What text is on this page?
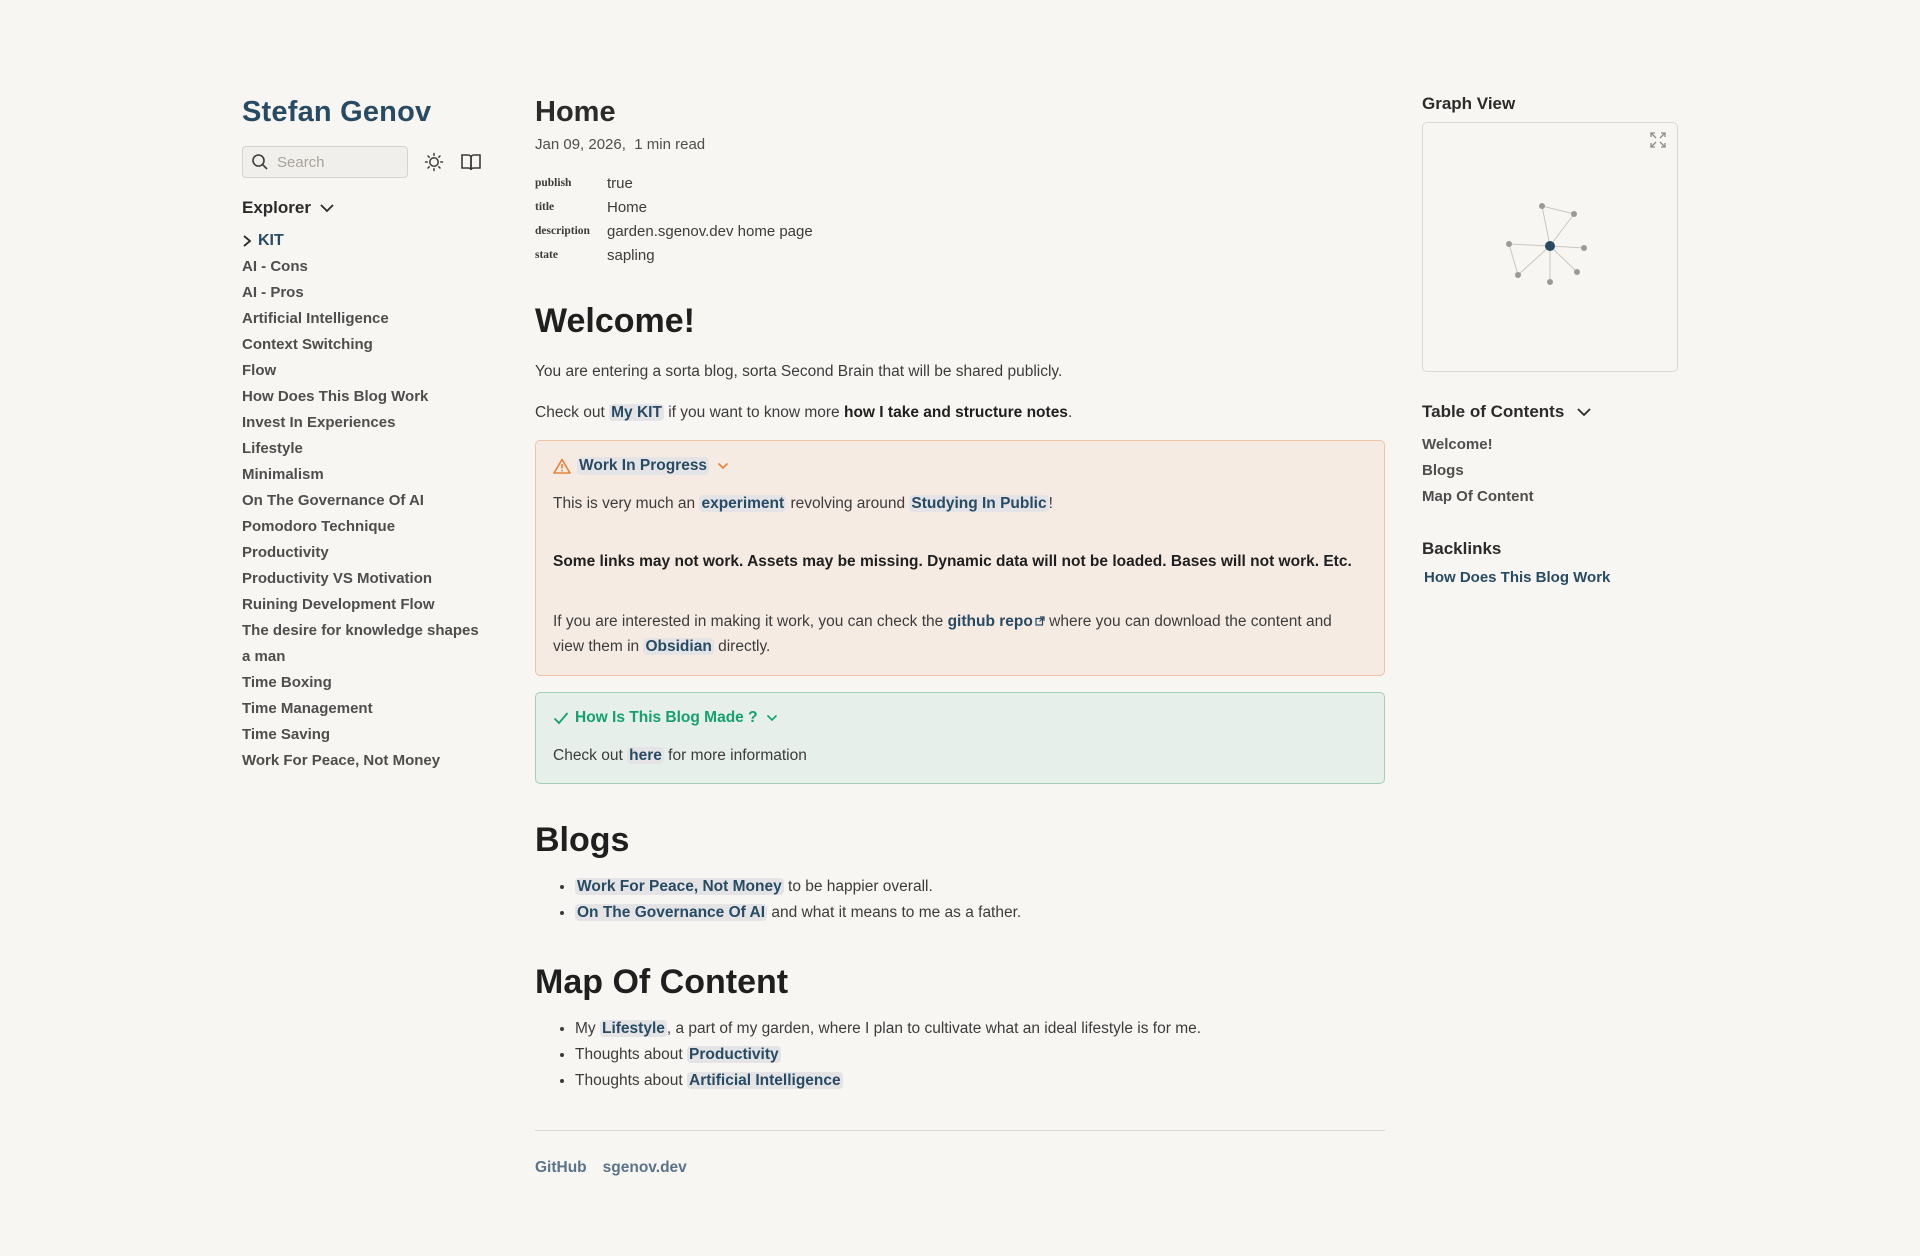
Stefan Genov
Search
Explorer
KIT
AI - Cons
AI - Pros
Artificial Intelligence
Context Switching
Flow
How Does This Blog Work
Invest In Experiences
Lifestyle
Minimalism
On The Governance Of AI
Pomodoro Technique
Productivity
Productivity VS Motivation
Ruining Development Flow
The desire for knowledge shapes
a man
Time Boxing
Time Management
Time Saving
Work For Peace, Not Money
Home
Jan 09, 2026, 1 min read
publish	true
title	Home
description	garden.sgenov.dev home page
state	sapling
Welcome!

You are entering a sorta blog, sorta Second Brain that will be shared publicly.

Check out My KIT if you want to know more how I take and structure notes.

Work In Progress

This is very much an experiment revolving around Studying In Public !

Some links may not work. Assets may be missing. Dynamic data will not be loaded. Bases will not work. Etc.

If you are interested in making it work, you can check the github repo where you can download the content and view them in Obsidian directly.

How Is This Blog Made ?

Check out here for more information

Blogs
• Work For Peace, Not Money to be happier overall.
• On The Governance Of AI and what it means to me as a father.
Map Of Content
• My Lifestyle , a part of my garden, where I plan to cultivate what an ideal lifestyle is for me.
• Thoughts about Productivity
• Thoughts about Artificial Intelligence
GitHub sgenov.dev
Graph View
Table of Contents
Welcome!
Blogs
Map Of Content
Backlinks
How Does This Blog Work
